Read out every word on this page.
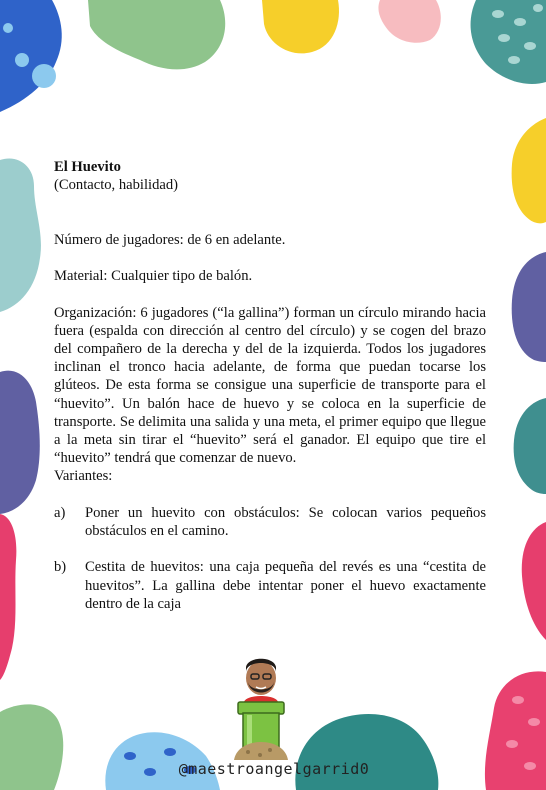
El Huevito

(Contacto, habilidad)

Número de jugadores: de 6 en adelante.

Material: Cualquier tipo de balón.

Organización: 6 jugadores (“la gallina”) forman un círculo mirando hacia fuera (espalda con dirección al centro del círculo) y se cogen del brazo del compañero de la derecha y del de la izquierda. Todos los jugadores inclinan el tronco hacia adelante, de forma que puedan tocarse los glúteos. De esta forma se consigue una superficie de transporte para el “huevito”. Un balón hace de huevo y se coloca en la superficie de transporte. Se delimita una salida y una meta, el primer equipo que llegue a la meta sin tirar el “huevito” será el ganador. El equipo que tire el “huevito” tendrá que comenzar de nuevo.

Variantes:

a)	Poner un huevito con obstáculos: Se colocan varios pequeños obstáculos en el camino.
b)	Cestita de huevitos: una caja pequeña del revés es una “cestita de huevitos”. La gallina debe intentar poner el huevo exactamente dentro de la caja
@maestroangelgarrid0
